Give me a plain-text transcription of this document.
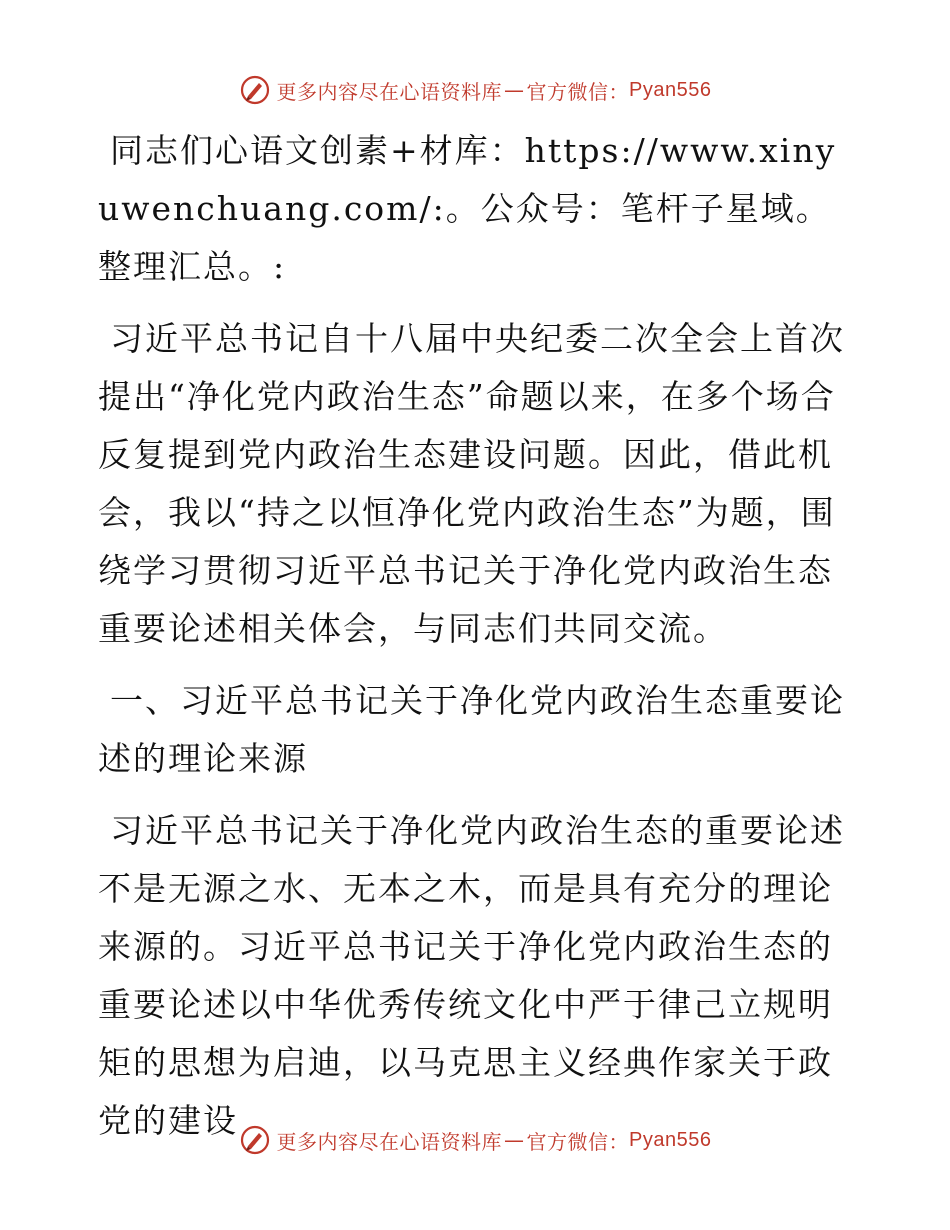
更多内容尽在心语资料库 — 官方微信： Pyan556

同志们心语文创素+材库：https://www.xinyuwenchuang.com/:。公众号：笔杆子星域。整理汇总。:

习近平总书记自十八届中央纪委二次全会上首次提出“净化党内政治生态”命题以来，在多个场合反复提到党内政治生态建设问题。因此，借此机会，我以“持之以恒净化党内政治生态”为题，围绕学习贯彻习近平总书记关于净化党内政治生态重要论述相关体会，与同志们共同交流。

一、习近平总书记关于净化党内政治生态重要论述的理论来源

习近平总书记关于净化党内政治生态的重要论述不是无源之水、无本之木，而是具有充分的理论来源的。习近平总书记关于净化党内政治生态的重要论述以中华优秀传统文化中严于律己立规明矩的思想为启迪，以马克思主义经典作家关于政党的建设

更多内容尽在心语资料库 — 官方微信： Pyan556
